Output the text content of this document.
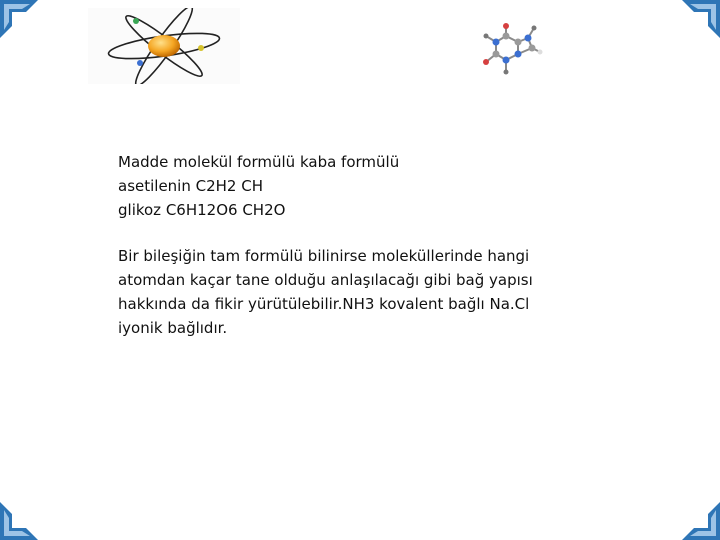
Madde molekül formülü kaba formülü

asetilenin C2H2 CH

glikoz C6H12O6 CH2O

Bir bileşiğin tam formülü bilinirse moleküllerinde hangi

atomdan kaçar tane olduğu anlaşılacağı gibi bağ yapısı

hakkında da fikir yürütülebilir.NH3 kovalent bağlı Na.Cl

iyonik bağlıdır.
